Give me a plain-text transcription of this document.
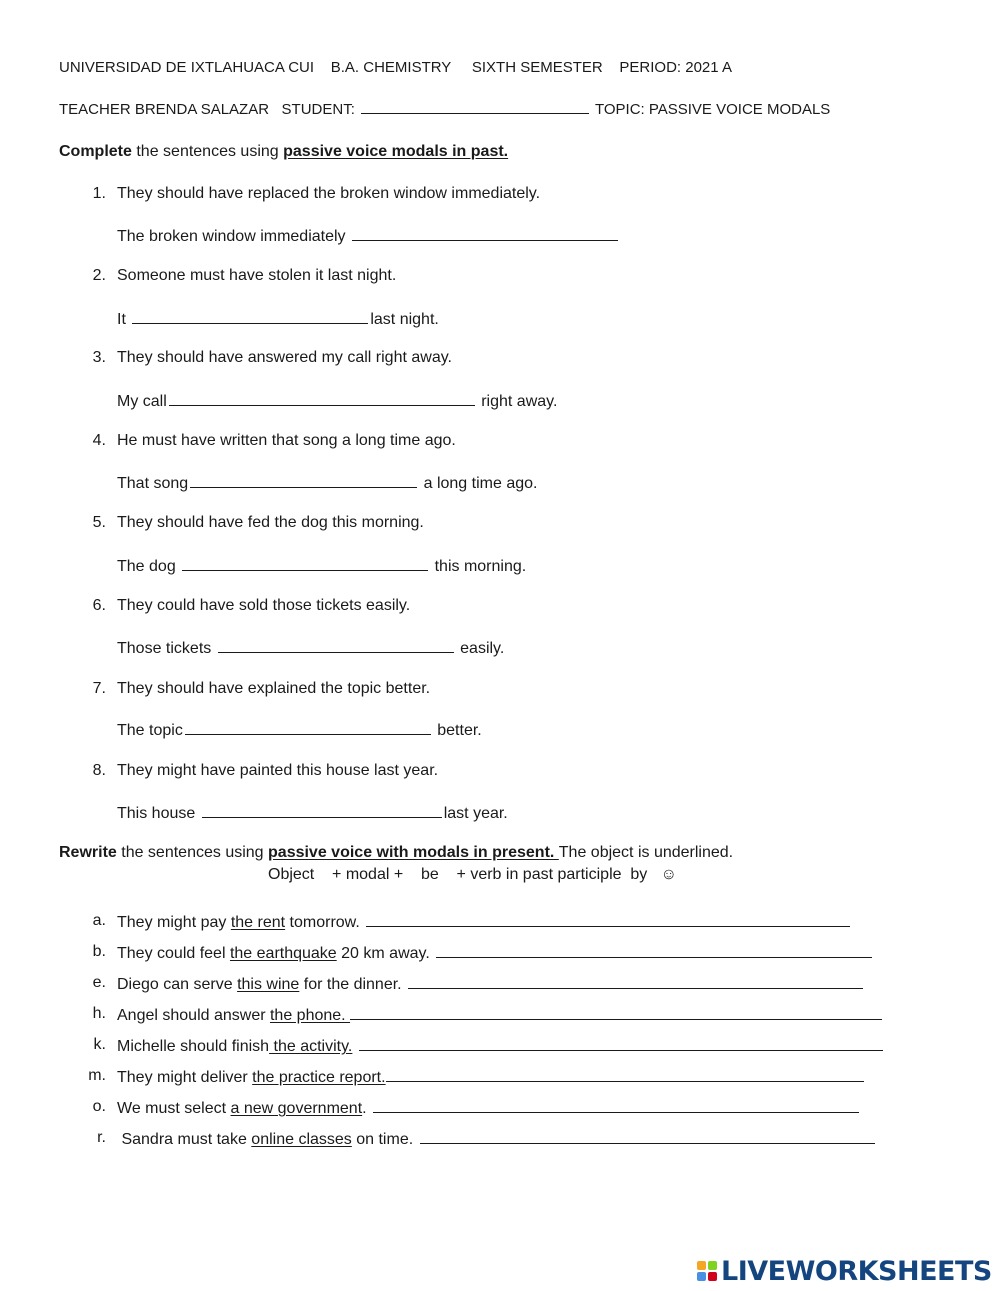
UNIVERSIDAD DE IXTLAHUACA CUI    B.A. CHEMISTRY     SIXTH SEMESTER    PERIOD: 2021 A
TEACHER BRENDA SALAZAR   STUDENT:	TOPIC: PASSIVE VOICE MODALS
Complete the sentences using passive voice modals in past.
1. They should have replaced the broken window immediately.
The broken window immediately
2. Someone must have stolen it last night.
It	last night.
3. They should have answered my call right away.
My call	right away.
4. He must have written that song a long time ago.
That song	a long time ago.
5. They should have fed the dog this morning.
The dog	this morning.
6. They could have sold those tickets easily.
Those tickets	easily.
7. They should have explained the topic better.
The topic	better.
8. They might have painted this house last year.
This house	last year.
Rewrite the sentences using passive voice with modals in present. The object is underlined.
Object    + modal +    be    + verb in past participle  by   ☺
a. They might pay the rent tomorrow.
b. They could feel the earthquake 20 km away.
e. Diego can serve this wine for the dinner.
h. Angel should answer the phone.
k. Michelle should finish the activity.
m. They might deliver the practice report.
o. We must select a new government.
r. Sandra must take online classes on time.
LIVEWORKSHEETS
